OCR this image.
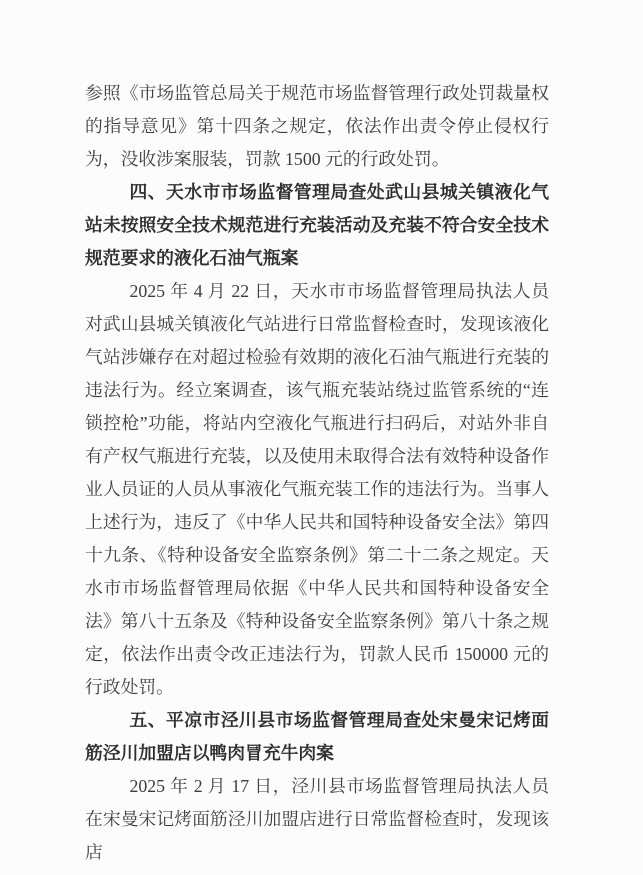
参照《市场监管总局关于规范市场监督管理行政处罚裁量权的指导意见》第十四条之规定，依法作出责令停止侵权行为，没收涉案服装，罚款 1500 元的行政处罚。

四、天水市市场监督管理局查处武山县城关镇液化气站未按照安全技术规范进行充装活动及充装不符合安全技术规范要求的液化石油气瓶案

2025 年 4 月 22 日，天水市市场监督管理局执法人员对武山县城关镇液化气站进行日常监督检查时，发现该液化气站涉嫌存在对超过检验有效期的液化石油气瓶进行充装的违法行为。经立案调查，该气瓶充装站绕过监管系统的“连锁控枪”功能，将站内空液化气瓶进行扫码后，对站外非自有产权气瓶进行充装，以及使用未取得合法有效特种设备作业人员证的人员从事液化气瓶充装工作的违法行为。当事人上述行为，违反了《中华人民共和国特种设备安全法》第四十九条、《特种设备安全监察条例》第二十二条之规定。天水市市场监督管理局依据《中华人民共和国特种设备安全法》第八十五条及《特种设备安全监察条例》第八十条之规定，依法作出责令改正违法行为，罚款人民币 150000 元的行政处罚。

五、平凉市泾川县市场监督管理局查处宋曼宋记烤面筋泾川加盟店以鸭肉冒充牛肉案

2025 年 2 月 17 日，泾川县市场监督管理局执法人员在宋曼宋记烤面筋泾川加盟店进行日常监督检查时，发现该店
